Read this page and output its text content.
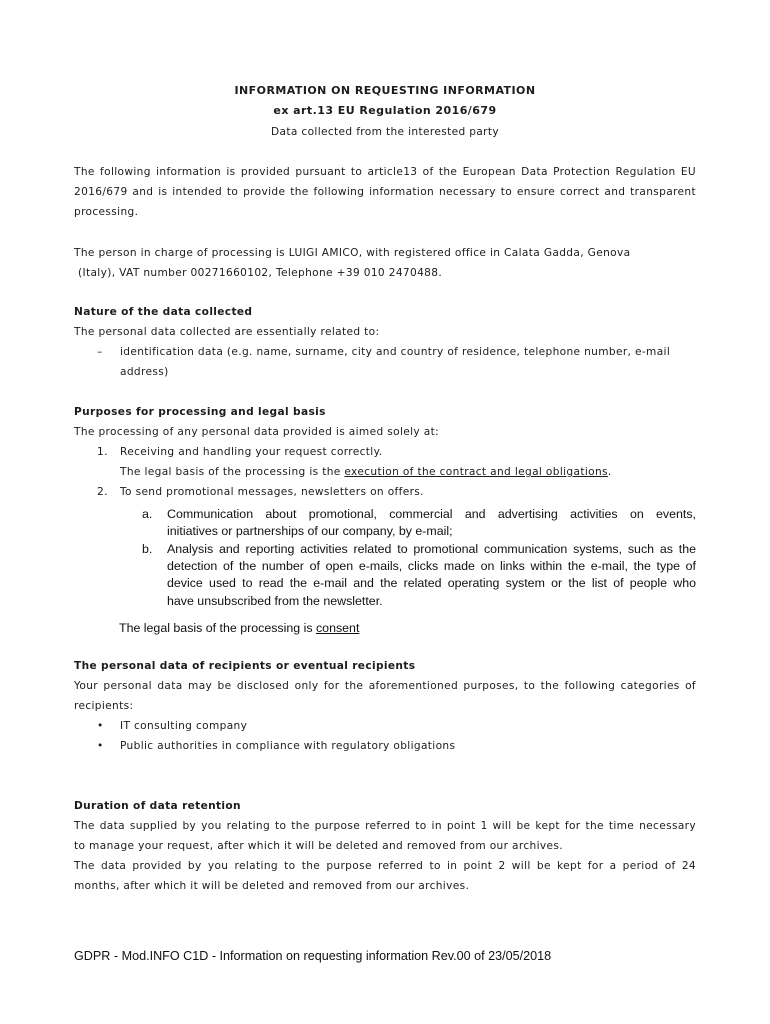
INFORMATION ON REQUESTING INFORMATION
ex art.13 EU Regulation 2016/679
Data collected from the interested party
The following information is provided pursuant to article13 of the European Data Protection Regulation EU
2016/679 and is intended to provide the following information necessary to ensure correct and transparent
processing.
The person in charge of processing is LUIGI AMICO, with registered office in Calata Gadda, Genova
(Italy), VAT number 00271660102, Telephone +39 010 2470488.
Nature of the data collected
The personal data collected are essentially related to:
– identification data (e.g. name, surname, city and country of residence, telephone number, e-mail
address)
Purposes for processing and legal basis
The processing of any personal data provided is aimed solely at:
1. Receiving and handling your request correctly.
The legal basis of the processing is the execution of the contract and legal obligations.
2. To send promotional messages, newsletters on offers.
a. Communication about promotional, commercial and advertising activities on events,
initiatives or partnerships of our company, by e-mail;
b. Analysis and reporting activities related to promotional communication systems, such as the
detection of the number of open e-mails, clicks made on links within the e-mail, the type of
device used to read the e-mail and the related operating system or the list of people who
have unsubscribed from the newsletter.
The legal basis of the processing is consent
The personal data of recipients or eventual recipients
Your personal data may be disclosed only for the aforementioned purposes, to the following categories of
recipients:
• IT consulting company
• Public authorities in compliance with regulatory obligations
Duration of data retention
The data supplied by you relating to the purpose referred to in point 1 will be kept for the time necessary
to manage your request, after which it will be deleted and removed from our archives.
The data provided by you relating to the purpose referred to in point 2 will be kept for a period of 24
months, after which it will be deleted and removed from our archives.
GDPR - Mod.INFO C1D - Information on requesting information Rev.00 of 23/05/2018
